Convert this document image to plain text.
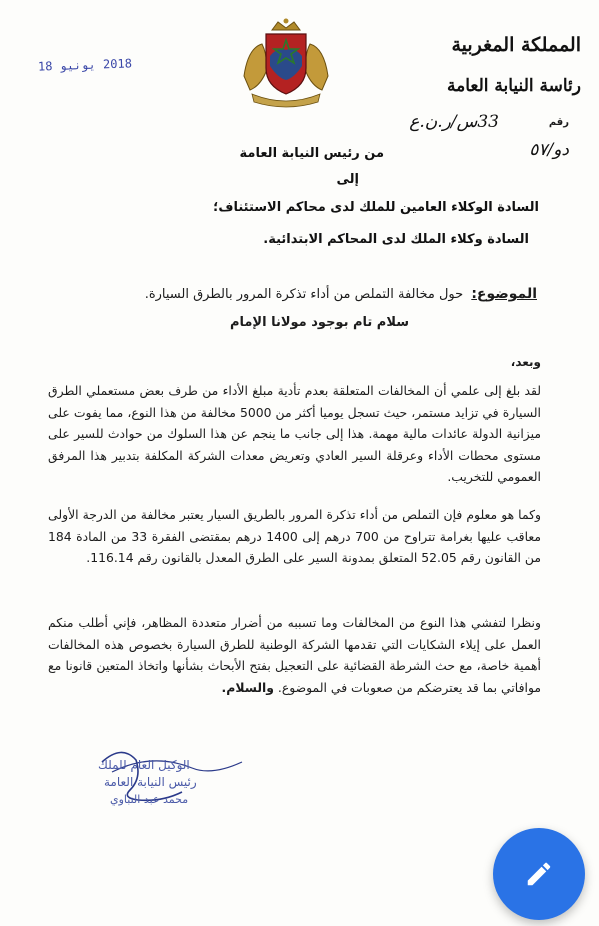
2018 يونيو 18
المملكة المغربية
رئاسة النيابة العامة
رقم
33س/ر.ن.ع
دو/٥٧
من رئيس النيابة العامة
إلى
السادة الوكلاء العامين للملك لدى محاكم الاستئناف؛
السادة وكلاء الملك لدى المحاكم الابتدائية.
الموضوع: حول مخالفة التملص من أداء تذكرة المرور بالطرق السيارة.
سلام تام بوجود مولانا الإمام
وبعد،
لقد بلغ إلى علمي أن المخالفات المتعلقة بعدم تأدية مبلغ الأداء من طرف بعض مستعملي الطرق السيارة في تزايد مستمر، حيث تسجل يوميا أكثر من 5000 مخالفة من هذا النوع، مما يفوت على ميزانية الدولة عائدات مالية مهمة. هذا إلى جانب ما ينجم عن هذا السلوك من حوادث للسير على مستوى محطات الأداء وعرقلة السير العادي وتعريض معدات الشركة المكلفة بتدبير هذا المرفق العمومي للتخريب.
وكما هو معلوم فإن التملص من أداء تذكرة المرور بالطريق السيار يعتبر مخالفة من الدرجة الأولى معاقب عليها بغرامة تتراوح من 700 درهم إلى 1400 درهم بمقتضى الفقرة 33 من المادة 184 من القانون رقم 52.05 المتعلق بمدونة السير على الطرق المعدل بالقانون رقم 116.14.
ونظرا لتفشي هذا النوع من المخالفات وما تسببه من أضرار متعددة المظاهر، فإني أطلب منكم العمل على إيلاء الشكايات التي تقدمها الشركة الوطنية للطرق السيارة بخصوص هذه المخالفات أهمية خاصة، مع حث الشرطة القضائية على التعجيل بفتح الأبحاث بشأنها واتخاذ المتعين قانونا مع موافاتي بما قد يعترضكم من صعوبات في الموضوع. والسلام.
الوكيل العام للملك
رئيس النيابة العامة
محمد عبد النباوي
